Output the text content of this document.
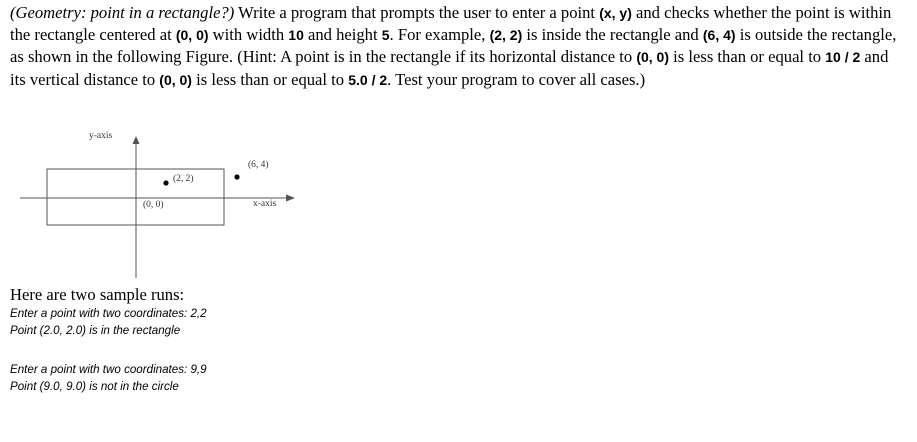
(Geometry: point in a rectangle?) Write a program that prompts the user to enter a point (x, y) and checks whether the point is within the rectangle centered at (0, 0) with width 10 and height 5. For example, (2, 2) is inside the rectangle and (6, 4) is outside the rectangle, as shown in the following Figure. (Hint: A point is in the rectangle if its horizontal distance to (0, 0) is less than or equal to 10 / 2 and its vertical distance to (0, 0) is less than or equal to 5.0 / 2. Test your program to cover all cases.)

y-axis
x-axis
(0, 0)
(2, 2)
(6, 4)

Here are two sample runs:

Enter a point with two coordinates: 2,2
Point (2.0, 2.0) is in the rectangle
Enter a point with two coordinates: 9,9
Point (9.0, 9.0) is not in the circle
